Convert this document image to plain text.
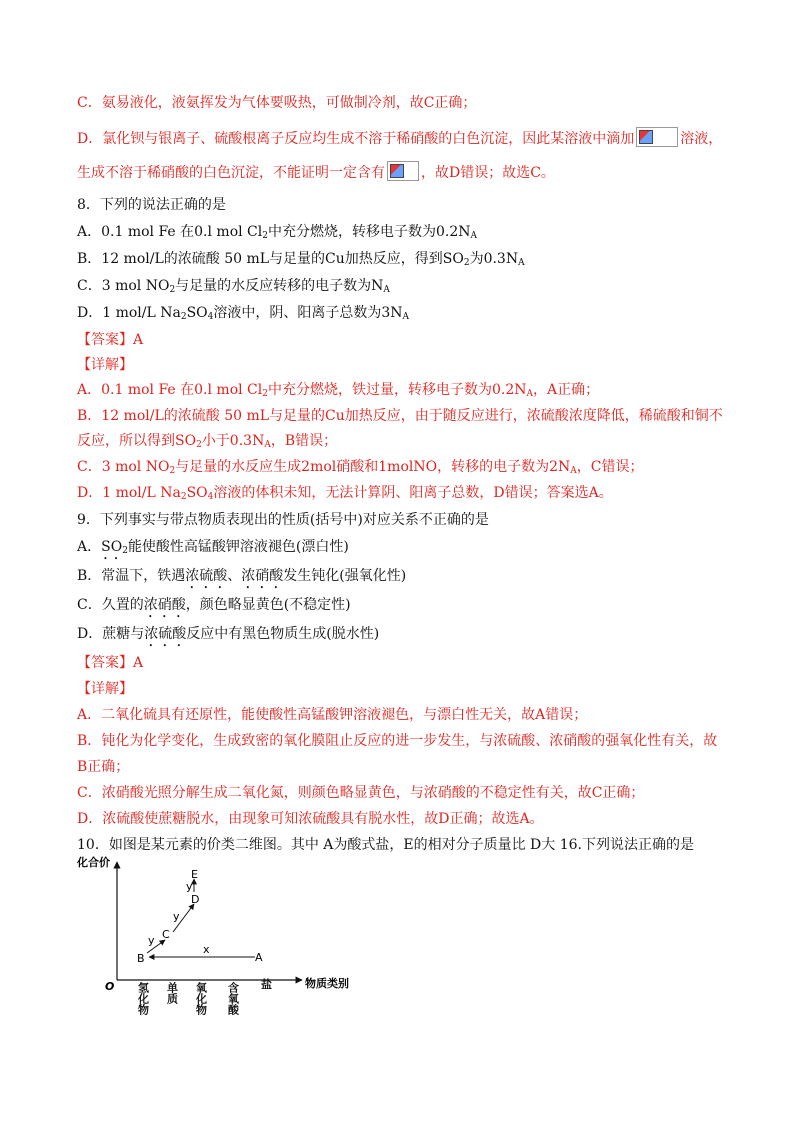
C．氨易液化，液氨挥发为气体要吸热，可做制冷剂，故C正确；
D．氯化钡与银离子、硫酸根离子反应均生成不溶于稀硝酸的白色沉淀，因此某溶液中滴加	溶液，
生成不溶于稀硝酸的白色沉淀，不能证明一定含有	，故D错误；故选C。
8．下列的说法正确的是
A．0.1 mol Fe 在0.l mol $Cl_2$中充分燃烧，转移电子数为$0.2N_A$
B．12 mol/L的浓硫酸 50 mL与足量的Cu加热反应，得到$SO_2$为$0.3N_A$
C．3 mol $NO_2$与足量的水反应转移的电子数为$N_A$
D．1 mol/L $Na_2SO_4$溶液中，阴、阳离子总数为$3N_A$
【答案】A
【详解】
A．0.1 mol Fe 在0.l mol $Cl_2$中充分燃烧，铁过量，转移电子数为$0.2N_A$，A正确；
B．12 mol/L的浓硫酸 50 mL与足量的Cu加热反应，由于随反应进行，浓硫酸浓度降低，稀硫酸和铜不
反应，所以得到$SO_2$小于$0.3N_A$，B错误；
C．3 mol $NO_2$与足量的水反应生成2mol硝酸和1molNO，转移的电子数为$2N_A$，C错误；
D．1 mol/L $Na_2SO_4$溶液的体积未知，无法计算阴、阳离子总数，D错误；答案选A。
9．下列事实与带点物质表现出的性质(括号中)对应关系不正确的是
A．$SO_2$能使酸性高锰酸钾溶液褪色(漂白性)
B．常温下，铁遇浓硫酸、浓硝酸发生钝化(强氧化性)
C．久置的浓硝酸，颜色略显黄色(不稳定性)
D．蔗糖与浓硫酸反应中有黑色物质生成(脱水性)
【答案】A
【详解】
A．二氧化硫具有还原性，能使酸性高锰酸钾溶液褪色，与漂白性无关，故A错误；
B．钝化为化学变化，生成致密的氧化膜阻止反应的进一步发生，与浓硫酸、浓硝酸的强氧化性有关，故
B正确；
C．浓硝酸光照分解生成二氧化氮，则颜色略显黄色，与浓硝酸的不稳定性有关，故C正确；
D．浓硫酸使蔗糖脱水，由现象可知浓硫酸具有脱水性，故D正确；故选A。
10．如图是某元素的价类二维图。其中 A为酸式盐，E的相对分子质量比 D大 16.下列说法正确的是
化合价
O	物质类别
氢化物 单质 氧化物 含氧酸 盐
x
y
y
y
A
B
C
D
E
